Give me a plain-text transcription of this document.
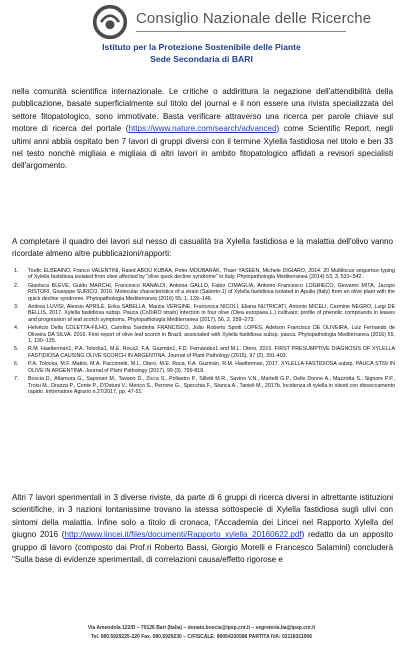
Consiglio Nazionale delle Ricerche
Istituto per la Protezione Sostenibile delle Piante
Sede Secondaria di BARI

nella comunità scientifica internazionale. Le critiche o addirittura la negazione dell'attendibilità della pubblicazione, basate superficialmente sul titolo del journal e il non essere una rivista specializzata del settore fitopatologico, sono immotivate. Basta verificare attraverso una ricerca per parole chiave sul motore di ricerca del portale (https://www.nature.com/search/advanced) come Scientific Report, negli ultimi anni abbia ospitato ben 7 lavori di gruppi diversi con il termine Xylella fastidiosa nel titolo e ben 33 nel testo nonché migliaia e migliaia di altri lavori in ambito fitopatologico affidati a revisori specialisti dell'argomento.

A completare il quadro dei lavori sul nesso di casualità tra Xylella fastidiosa e la malattia dell'olivo vanno ricordate almeno altre pubblicazioni/rapporti:

1. Toufic ELBEAINO, Franco VALENTINI, Raied ABOU KUBAA, Peter MOUBARAK, Thaer YASEEN, Michele DIGIARO, 2014. 20 Multilocus sequence typing of Xylella fastidiosa isolated from olive affected by "olive quick decline syndrome" in Italy. Phytopathologia Mediterranea (2014) 53, 3, 533−542.
2. Gianluca BLEVE, Guido MARCHI, Francesco RANALDI, Antonia GALLO, Fabio CIMAGLIA, Antonio Francesco LOGRIECO, Giovanni MITA, Jacopo RISTORI, Giuseppe SURICO, 2016. Molecular characteristics of a strain (Salento-1) of Xylella fastidiosa isolated in Apulia (Italy) from an olive plant with the quick decline syndrome. Phytopathologia Mediterranea (2016) 55, 1, 139−146.
3. Andrea LUVISI, Alessio APRILE, Erika SABELLA, Marzia VERGINE, Francesca NICOLÌ, Eliana NUTRICATI, Antonio MICELI, Carmine NEGRO, Luigi DE BELLIS. 2017. Xylella fastidiosa subsp. Pauca (CoDiRO strain) infection in four olive (Olea europaea L.) cultivars: profile of phenolic compounds in leaves and progression of leaf scorch symptoms. Phytopathologia Mediterranea (2017), 56, 2, 259−273.
4. Helvécio Della COLETTA-FILHO, Carolina Sardinha FRANCISCO, João Roberto Spotti LOPES, Adelson Francisco DE OLIVEIRA, Luiz Fernando de Oliveira DA SILVA. 2016. First report of olive leaf scorch in Brazil, associated with Xylella fastidiosa subsp. pauca. Phytopathologia Mediterranea (2016) 55, 1, 130−135.
5. R.M. Haelterman1, P.A. Tolocka1, M.E. Roca2, F.A. Guzmán1, F.D. Fernández1 and M.L. Otero, 2015. FIRST PRESUMPTIVE DIAGNOSIS OF XYLELLA FASTIDIOSA CAUSING OLIVE SCORCH IN ARGENTINA. Journal of Plant Pathology (2015), 97 (2), 391-403.
6. P.A. Tolocka, M.F. Mattio, M.A. Paccioretti, M.L. Otero, M.E. Roca, F.A. Guzmán, R.M. Haelterman, 2017. XYLELLA FASTIDIOSA subsp. PAUCA ST69 IN OLIVE IN ARGENTINA. Journal of Plant Pathology (2017), 99 (3), 799-818.
7. Boscia D., Altamura G., Saponari M., Tavano D., Zicca S., Pollastro P., Silletti M.R., Savino V.N., Martelli G.P., Delle Donne A., Mazzotta S., Signore P.P., Troisi M., Drazza P., Conte P., D'Ostuni V., Merico S., Perrone G., Specchia F., Stanca A., Tanieli M., 2017b. Incidenza di xylella in oliveti con disseccamento rapido. Informatore Agrario n.27/2017, pp. 47-51.

Altri 7 lavori sperimentali in 3 diverse riviste, da parte di 6 gruppi di ricerca diversi in altrettante istituzioni scientifiche, in 3 nazioni lontanissime trovano la stessa sottospecie di Xylella fastidiosa sugli ulivi con sintomi della malattia. Infine solo a titolo di cronaca, l'Accademia dei Lincei nel Rapporto Xylella del giugno 2016 (http://www.lincei.it/files/documenti/Rapporto_xylella_20160622.pdf) redatto da un apposito gruppo di lavoro (composto dai Prof.ri Roberto Bassi, Giorgio Morelli e Francesco Salamini) concluderà "Sulla base di evidenze sperimentali, di correlazioni causa/effetto rigorose e

Via Amendola 122/D – 70126 Bari (Italia) – donato.boscia@ipsp.cnr.it – segreteria.ba@ipsp.cnr.it
Tel. 080.5929225-220 Fax. 080.5929230 – C/FISCALE: 80054330586 PARTITA IVA: 02118311006
